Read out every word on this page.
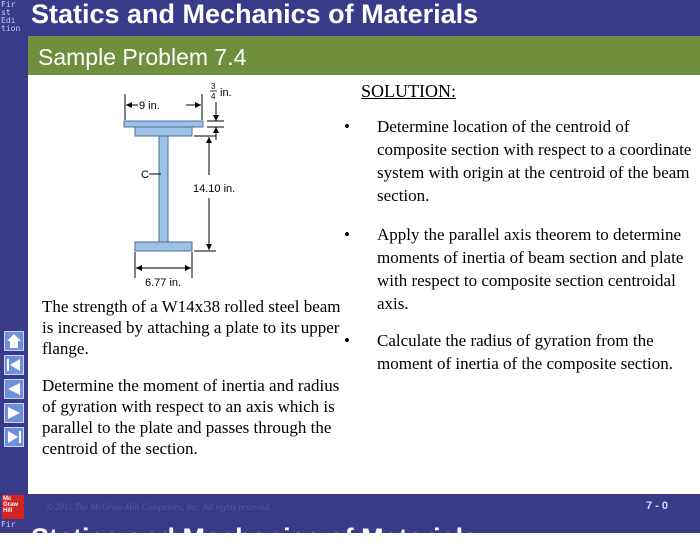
Fir
st
Edi
tion Statics and Mechanics of Materials
Sample Problem 7.4
9 in.
3
4 in.
C
14.10 in.
6.77 in.
The strength of a W14x38 rolled steel beam is increased by attaching a plate to its upper flange.
Determine the moment of inertia and radius of gyration with respect to an axis which is parallel to the plate and passes through the centroid of the section.
SOLUTION:
• Determine location of the centroid of composite section with respect to a coordinate system with origin at the centroid of the beam section.
• Apply the parallel axis theorem to determine moments of inertia of beam section and plate with respect to composite section centroidal axis.
• Calculate the radius of gyration from the moment of inertia of the composite section.
Mc Graw Hill	© 2011 The McGraw-Hill Companies, Inc. All rights reserved.	7 - 0
Fir Statics and Mechanics of Materials
